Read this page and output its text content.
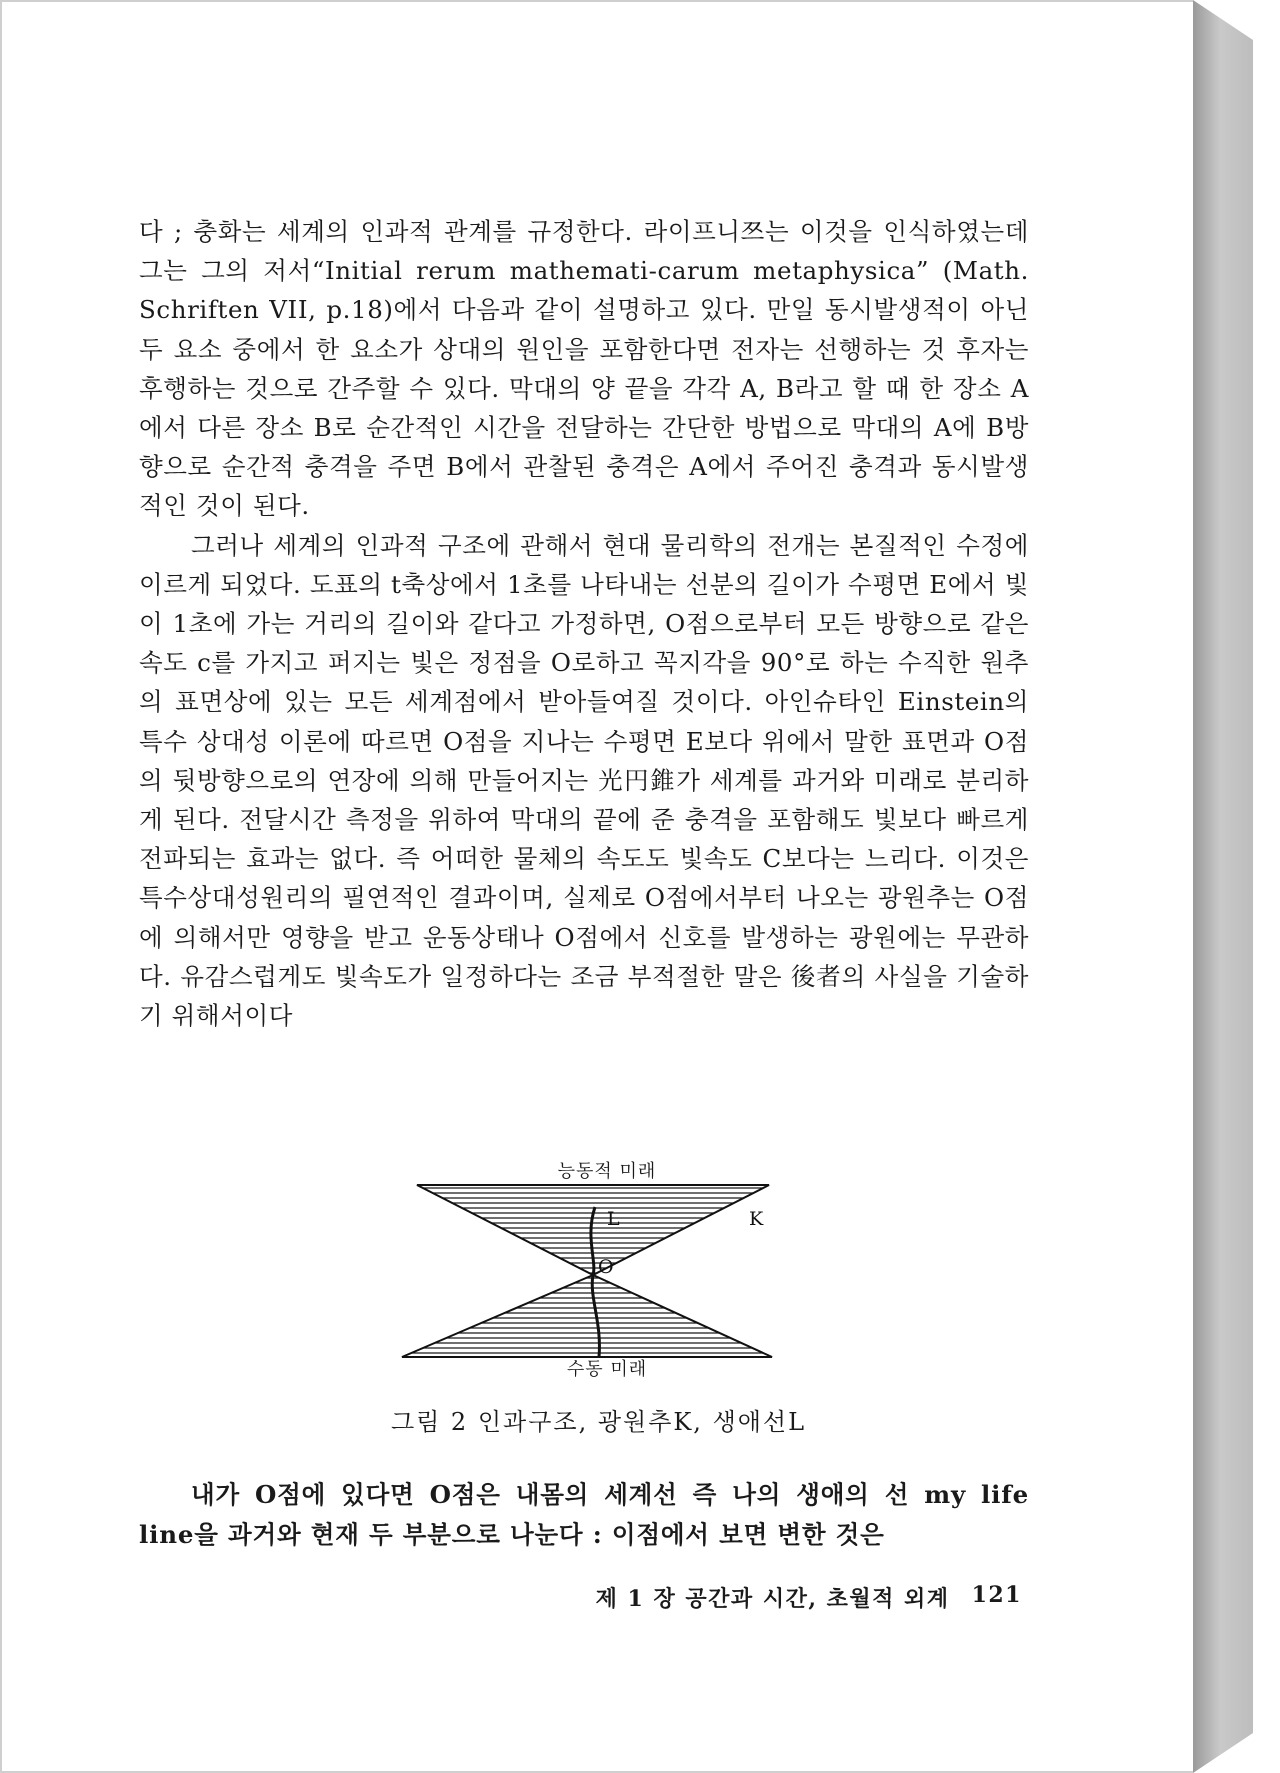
다 ; 충화는 세계의 인과적 관계를 규정한다. 라이프니쯔는 이것을 인식하였는데 그는 그의 저서“Initial rerum mathemati-carum metaphysica” (Math. Schriften VII, p.18)에서 다음과 같이 설명하고 있다. 만일 동시발생적이 아닌 두 요소 중에서 한 요소가 상대의 원인을 포함한다면 전자는 선행하는 것 후자는 후행하는 것으로 간주할 수 있다. 막대의 양 끝을 각각 A, B라고 할 때 한 장소 A에서 다른 장소 B로 순간적인 시간을 전달하는 간단한 방법으로 막대의 A에 B방향으로 순간적 충격을 주면 B에서 관찰된 충격은 A에서 주어진 충격과 동시발생적인 것이 된다.

그러나 세계의 인과적 구조에 관해서 현대 물리학의 전개는 본질적인 수정에 이르게 되었다. 도표의 t축상에서 1초를 나타내는 선분의 길이가 수평면 E에서 빛이 1초에 가는 거리의 길이와 같다고 가정하면, O점으로부터 모든 방향으로 같은 속도 c를 가지고 퍼지는 빛은 정점을 O로하고 꼭지각을 90°로 하는 수직한 원추의 표면상에 있는 모든 세계점에서 받아들여질 것이다. 아인슈타인 Einstein의 특수 상대성 이론에 따르면 O점을 지나는 수평면 E보다 위에서 말한 표면과 O점의 뒷방향으로의 연장에 의해 만들어지는 光円錐가 세계를 과거와 미래로 분리하게 된다. 전달시간 측정을 위하여 막대의 끝에 준 충격을 포함해도 빛보다 빠르게 전파되는 효과는 없다. 즉 어떠한 물체의 속도도 빛속도 C보다는 느리다. 이것은 특수상대성원리의 필연적인 결과이며, 실제로 O점에서부터 나오는 광원추는 O점에 의해서만 영향을 받고 운동상태나 O점에서 신호를 발생하는 광원에는 무관하다. 유감스럽게도 빛속도가 일정하다는 조금 부적절한 말은 後者의 사실을 기술하기 위해서이다

능동적 미래
L	K
O
수동 미래
그림 2 인과구조, 광원추K, 생애선L

내가 O점에 있다면 O점은 내몸의 세계선 즉 나의 생애의 선 my life line을 과거와 현재 두 부분으로 나눈다 : 이점에서 보면 변한 것은

제 1 장 공간과 시간, 초월적 외계 121
